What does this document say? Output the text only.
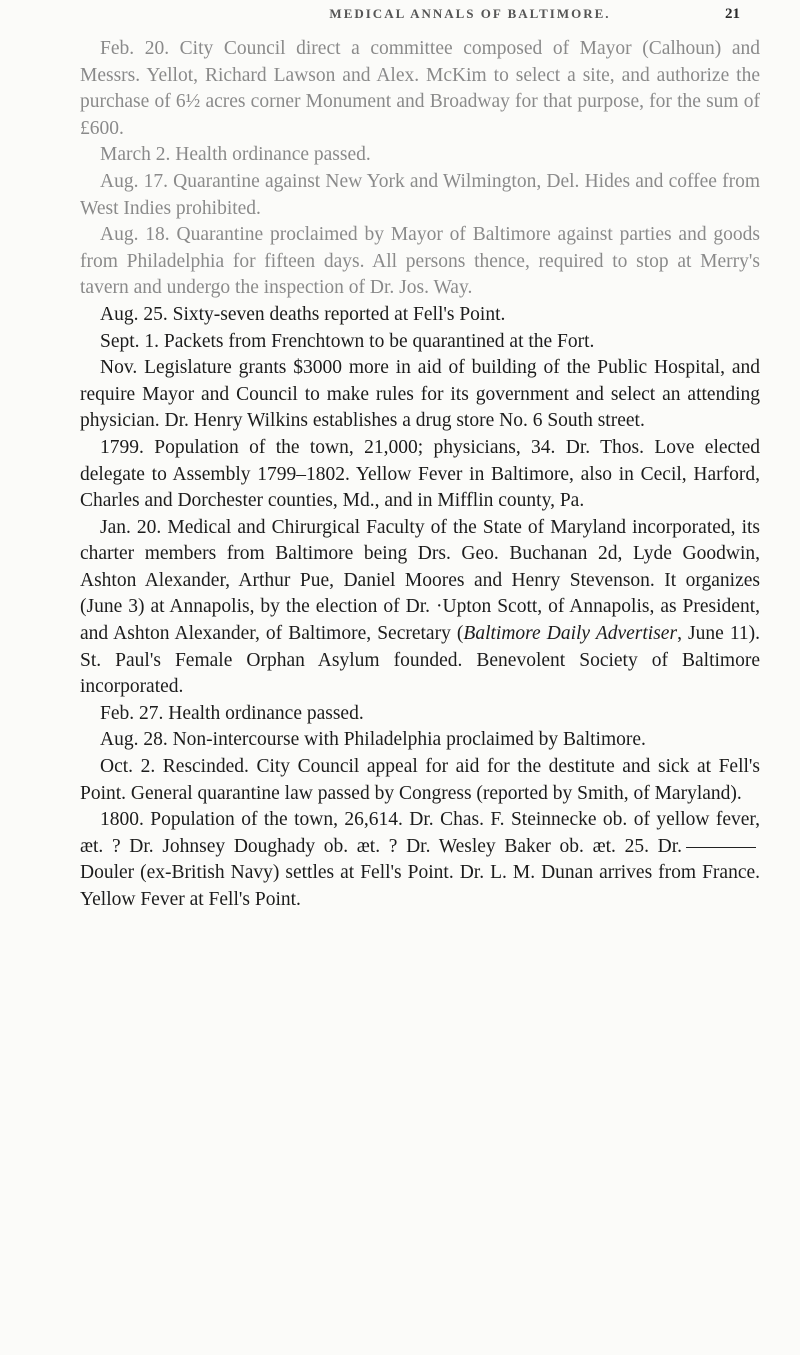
MEDICAL ANNALS OF BALTIMORE.	21

Feb. 20. City Council direct a committee composed of Mayor (Calhoun) and Messrs. Yellot, Richard Lawson and Alex. McKim to select a site, and authorize the purchase of 6½ acres corner Monument and Broadway for that purpose, for the sum of £600.

March 2. Health ordinance passed.

Aug. 17. Quarantine against New York and Wilmington, Del. Hides and coffee from West Indies prohibited.

Aug. 18. Quarantine proclaimed by Mayor of Baltimore against parties and goods from Philadelphia for fifteen days. All persons thence, required to stop at Merry's tavern and undergo the inspection of Dr. Jos. Way.

Aug. 25. Sixty-seven deaths reported at Fell's Point.

Sept. 1. Packets from Frenchtown to be quarantined at the Fort.

Nov. Legislature grants $3000 more in aid of building of the Public Hospital, and require Mayor and Council to make rules for its government and select an attending physician. Dr. Henry Wilkins establishes a drug store No. 6 South street.

1799. Population of the town, 21,000; physicians, 34. Dr. Thos. Love elected delegate to Assembly 1799–1802. Yellow Fever in Baltimore, also in Cecil, Harford, Charles and Dorchester counties, Md., and in Mifflin county, Pa.

Jan. 20. Medical and Chirurgical Faculty of the State of Maryland incorporated, its charter members from Baltimore being Drs. Geo. Buchanan 2d, Lyde Goodwin, Ashton Alexander, Arthur Pue, Daniel Moores and Henry Stevenson. It organizes (June 3) at Annapolis, by the election of Dr. ·Upton Scott, of Annapolis, as President, and Ashton Alexander, of Baltimore, Secretary (Baltimore Daily Advertiser, June 11). St. Paul's Female Orphan Asylum founded. Benevolent Society of Baltimore incorporated.

Feb. 27. Health ordinance passed.

Aug. 28. Non-intercourse with Philadelphia proclaimed by Baltimore.

Oct. 2. Rescinded. City Council appeal for aid for the destitute and sick at Fell's Point. General quarantine law passed by Congress (reported by Smith, of Maryland).

1800. Population of the town, 26,614. Dr. Chas. F. Steinnecke ob. of yellow fever, æt. ? Dr. Johnsey Doughady ob. æt. ? Dr. Wesley Baker ob. æt. 25. Dr.Douler (ex-British Navy) settles at Fell's Point. Dr. L. M. Dunan arrives from France. Yellow Fever at Fell's Point.
